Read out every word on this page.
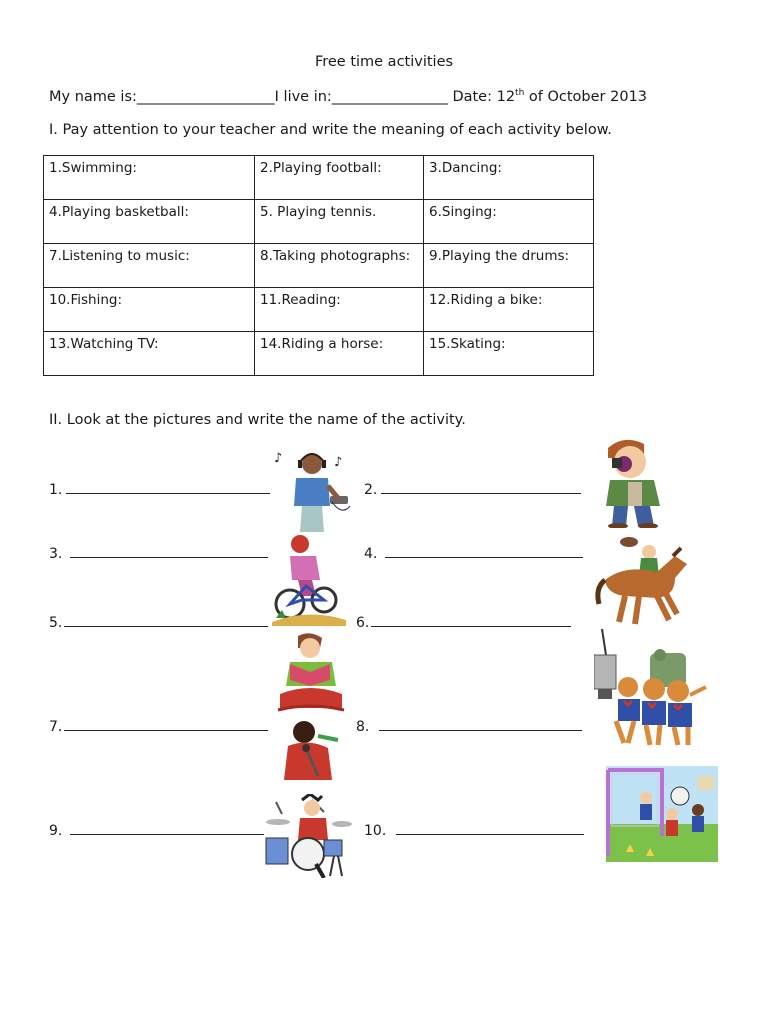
Free time activities
My name is:___________________I live in:________________ Date: 12th of October 2013
I. Pay attention to your teacher and write the meaning of each activity below.
1.Swimming:	2.Playing football:	3.Dancing:
4.Playing basketball:	5. Playing tennis.	6.Singing:
7.Listening to music:	8.Taking photographs:	9.Playing the drums:
10.Fishing:	11.Reading:	12.Riding a bike:
13.Watching TV:	14.Riding a horse:	15.Skating:
II. Look at the pictures and write the name of the activity.
1.	2.
3.	4.
5.	6.
7.	8.
9.	10.
♪	♪
